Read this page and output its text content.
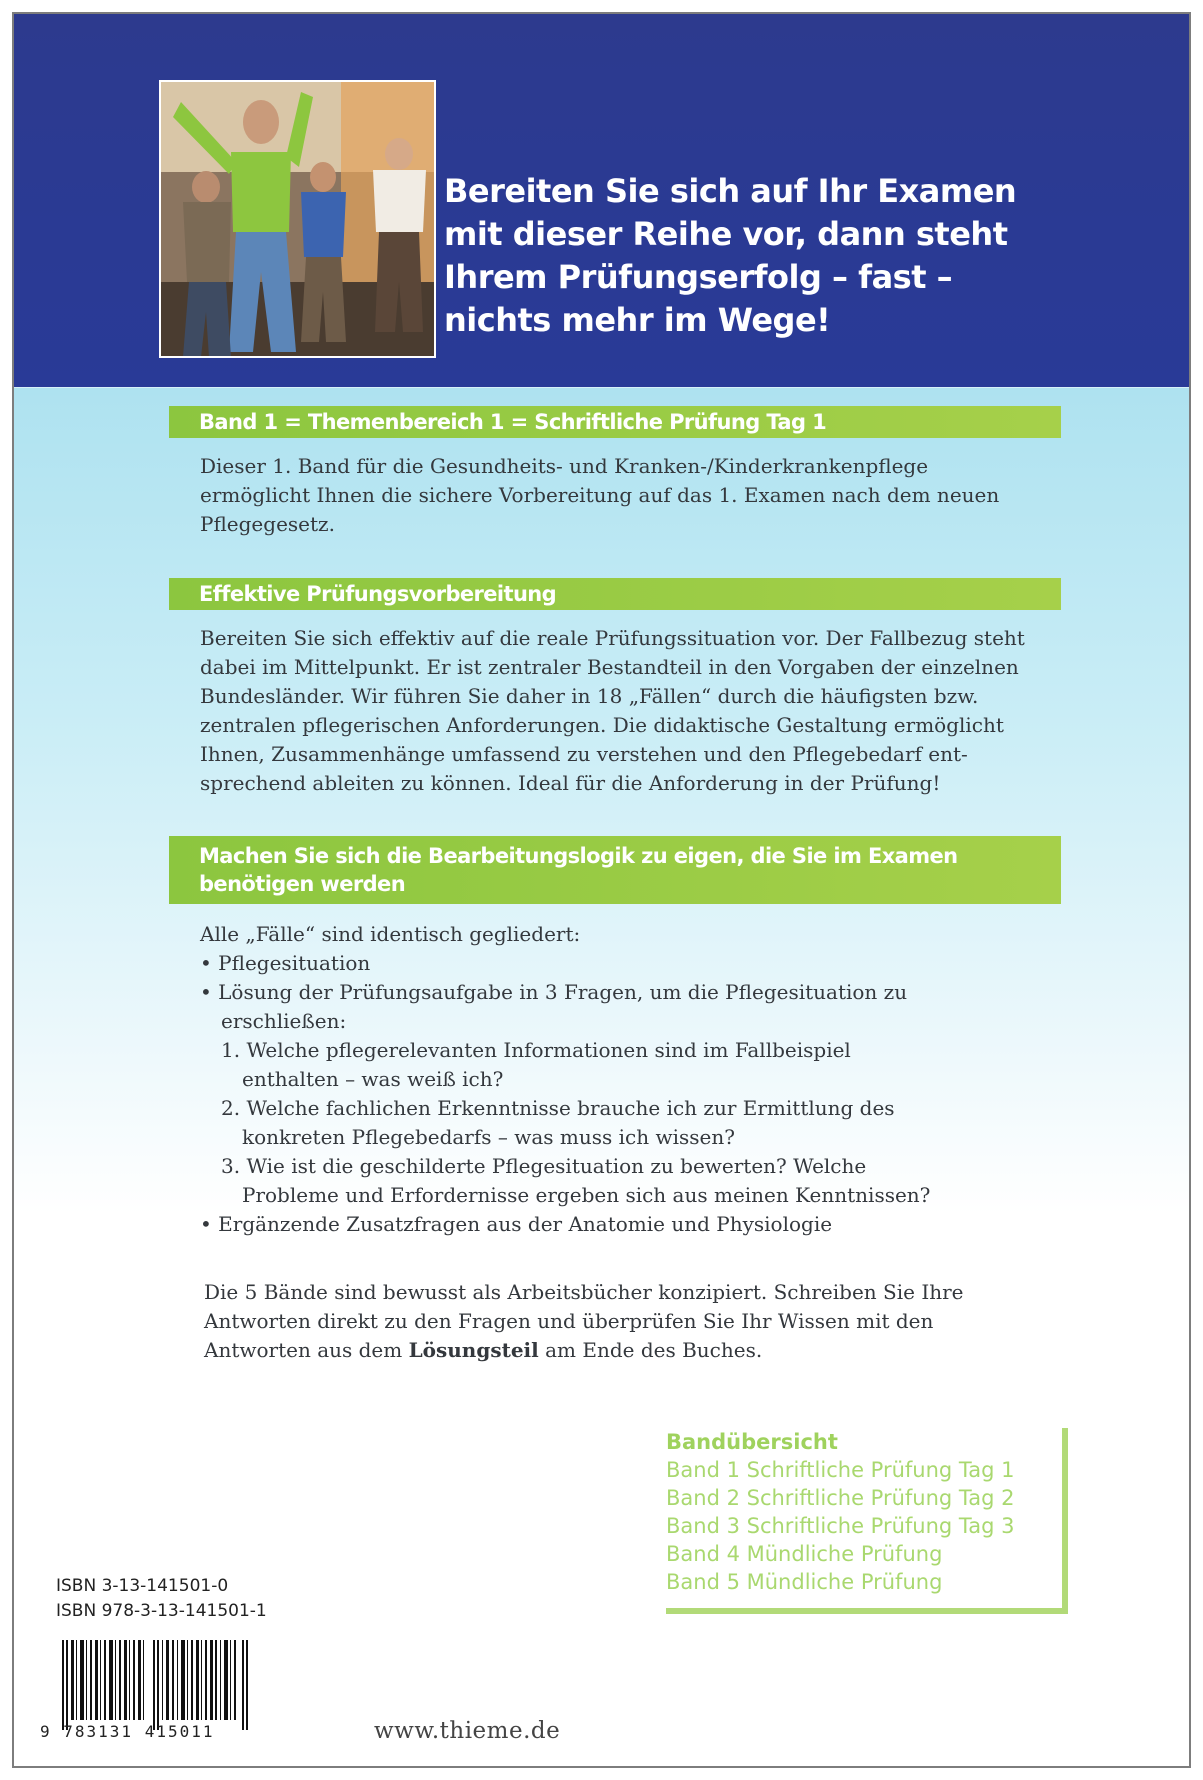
Bereiten Sie sich auf Ihr Examen
mit dieser Reihe vor, dann steht
Ihrem Prüfungserfolg – fast –
nichts mehr im Wege!
Band 1 = Themenbereich 1 = Schriftliche Prüfung Tag 1

Dieser 1. Band für die Gesundheits- und Kranken-/Kinderkrankenpflege

ermöglicht Ihnen die sichere Vorbereitung auf das 1. Examen nach dem neuen

Pflegegesetz.

Effektive Prüfungsvorbereitung

Bereiten Sie sich effektiv auf die reale Prüfungssituation vor. Der Fallbezug steht

dabei im Mittelpunkt. Er ist zentraler Bestandteil in den Vorgaben der einzelnen

Bundesländer. Wir führen Sie daher in 18 „Fällen“ durch die häufigsten bzw.

zentralen pflegerischen Anforderungen. Die didaktische Gestaltung ermöglicht

Ihnen, Zusammenhänge umfassend zu verstehen und den Pflegebedarf ent-

sprechend ableiten zu können. Ideal für die Anforderung in der Prüfung!

Machen Sie sich die Bearbeitungslogik zu eigen, die Sie im Examen
benötigen werden

Alle „Fälle“ sind identisch gegliedert:

• Pflegesituation

• Lösung der Prüfungsaufgabe in 3 Fragen, um die Pflegesituation zu

erschließen:

1. Welche pflegerelevanten Informationen sind im Fallbeispiel

enthalten – was weiß ich?

2. Welche fachlichen Erkenntnisse brauche ich zur Ermittlung des

konkreten Pflegebedarfs – was muss ich wissen?

3. Wie ist die geschilderte Pflegesituation zu bewerten? Welche

Probleme und Erfordernisse ergeben sich aus meinen Kenntnissen?

• Ergänzende Zusatzfragen aus der Anatomie und Physiologie

Die 5 Bände sind bewusst als Arbeitsbücher konzipiert. Schreiben Sie Ihre

Antworten direkt zu den Fragen und überprüfen Sie Ihr Wissen mit den

Antworten aus dem Lösungsteil am Ende des Buches.

Bandübersicht
Band 1 Schriftliche Prüfung Tag 1
Band 2 Schriftliche Prüfung Tag 2
Band 3 Schriftliche Prüfung Tag 3
Band 4 Mündliche Prüfung
Band 5 Mündliche Prüfung
ISBN 3-13-141501-0
ISBN 978-3-13-141501-1
9 783131 415011	www.thieme.de
